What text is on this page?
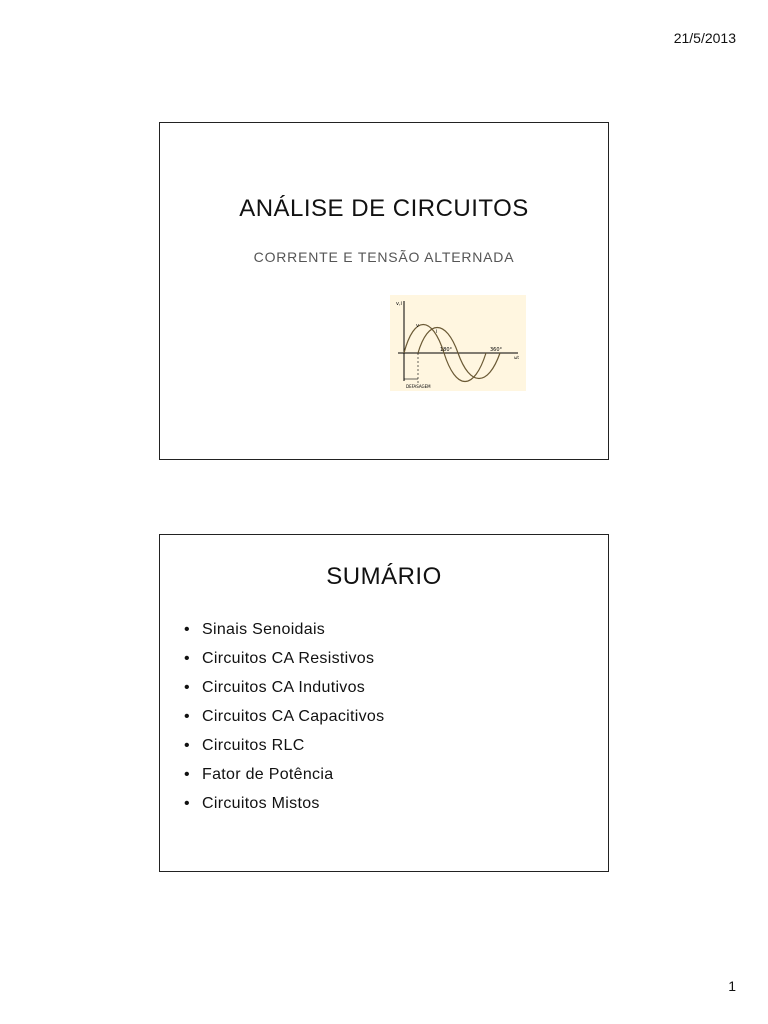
21/5/2013
ANÁLISE DE CIRCUITOS
CORRENTE E TENSÃO ALTERNADA
v,i
v
i
180°	360°
ωt
DEFASAGEM
SUMÁRIO
• Sinais Senoidais
• Circuitos CA Resistivos
• Circuitos CA Indutivos
• Circuitos CA Capacitivos
• Circuitos RLC
• Fator de Potência
• Circuitos Mistos
1
